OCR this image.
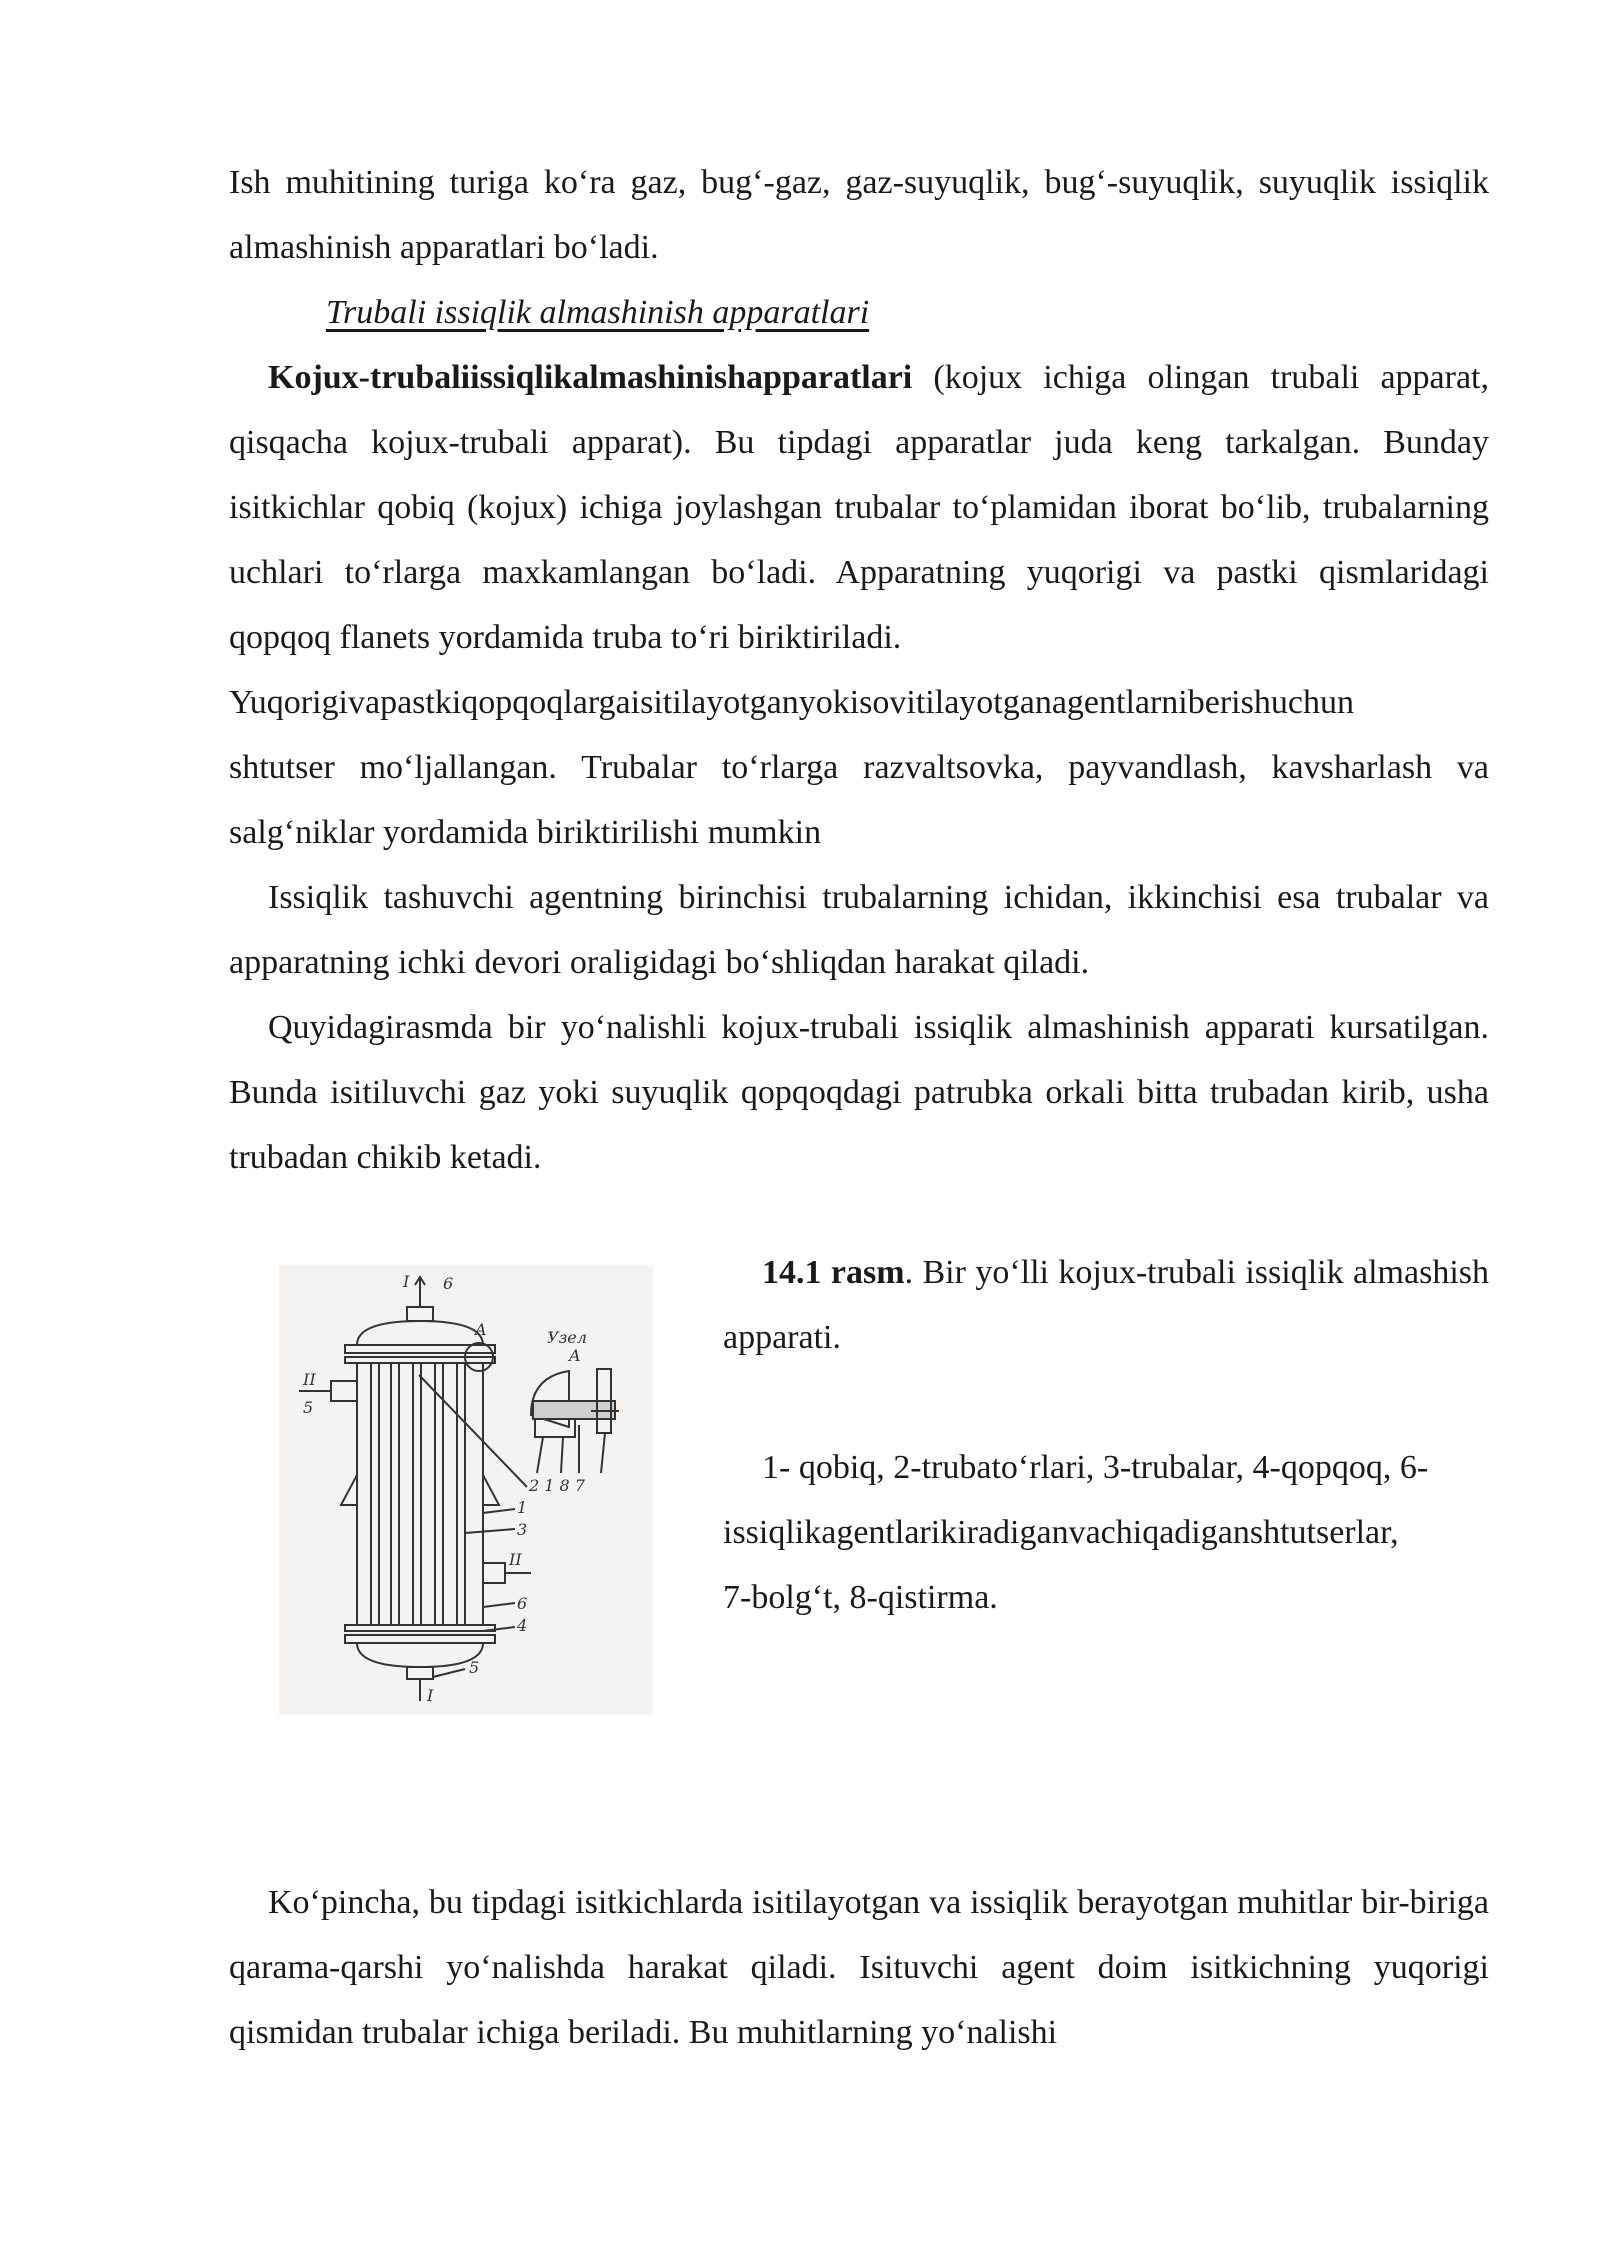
Ish muhitining turiga ko‘ra gaz, bug‘-gaz, gaz-suyuqlik, bug‘-suyuqlik, suyuqlik issiqlik almashinish apparatlari bo‘ladi.

Trubali issiqlik almashinish apparatlari

Kojux-trubaliissiqlikalmashinishapparatlari (kojux ichiga olingan trubali apparat, qisqacha kojux-trubali apparat). Bu tipdagi apparatlar juda keng tarkalgan. Bunday isitkichlar qobiq (kojux) ichiga joylashgan trubalar to‘plamidan iborat bo‘lib, trubalarning uchlari to‘rlarga maxkamlangan bo‘ladi. Apparatning yuqorigi va pastki qismlaridagi qopqoq flanets yordamida truba to‘ri biriktiriladi.

Yuqorigivapastkiqopqoqlargaisitilayotganyokisovitilayotganagentlarniberishuchun

shtutser mo‘ljallangan. Trubalar to‘rlarga razvaltsovka, payvandlash, kavsharlash va salg‘niklar yordamida biriktirilishi mumkin

Issiqlik tashuvchi agentning birinchisi trubalarning ichidan, ikkinchisi esa trubalar va apparatning ichki devori oraligidagi bo‘shliqdan harakat qiladi.

Quyidagirasmda bir yo‘nalishli kojux-trubali issiqlik almashinish apparati kursatilgan. Bunda isitiluvchi gaz yoki suyuqlik qopqoqdagi patrubka orkali bitta trubadan kirib, usha trubadan chikib ketadi.

I 6
A	Узел
A
II
5
2 1 8 7
1
3
II
6
4
5
I

14.1 rasm. Bir yo‘lli kojux-trubali issiqlik almashish apparati.

1- qobiq, 2-trubato‘rlari, 3-trubalar, 4-qopqoq, 6-

issiqlikagentlarikiradiganvachiqadiganshtutserlar,

7-bolg‘t, 8-qistirma.

Ko‘pincha, bu tipdagi isitkichlarda isitilayotgan va issiqlik berayotgan muhitlar bir-biriga qarama-qarshi yo‘nalishda harakat qiladi. Isituvchi agent doim isitkichning yuqorigi qismidan trubalar ichiga beriladi. Bu muhitlarning yo‘nalishi
